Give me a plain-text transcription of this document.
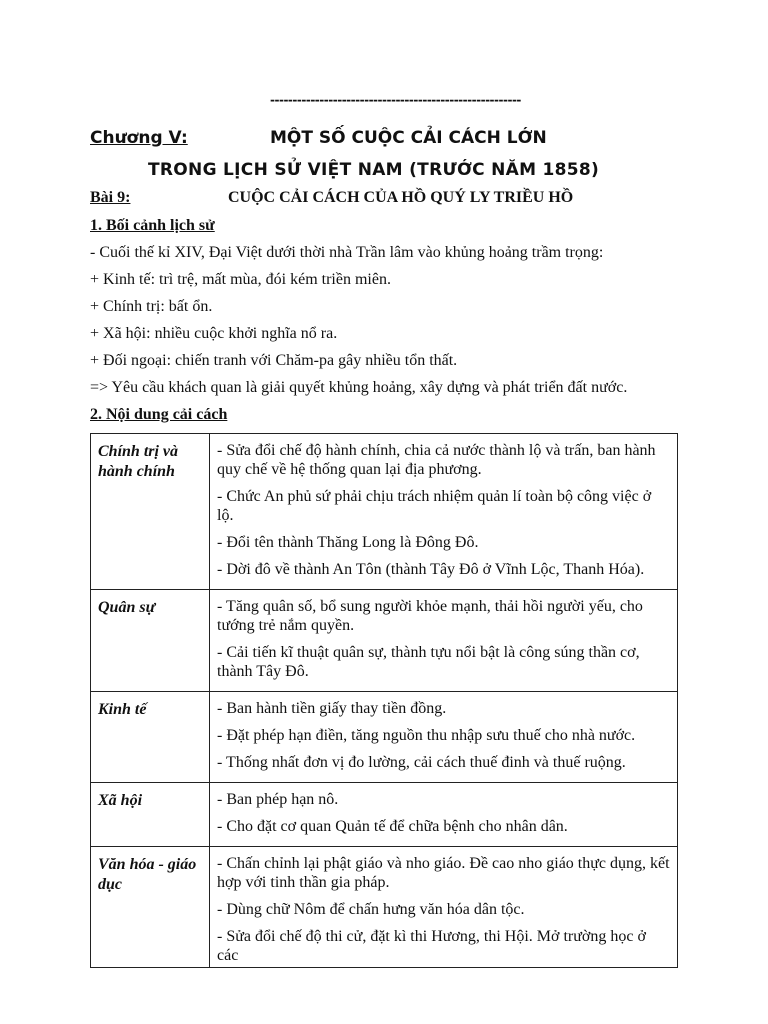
--------------------------------------------------------
Chương V:	MỘT SỐ CUỘC CẢI CÁCH LỚN
TRONG LỊCH SỬ VIỆT NAM (TRƯỚC NĂM 1858)
Bài 9:	CUỘC CẢI CÁCH CỦA HỒ QUÝ LY TRIỀU HỒ
1. Bối cảnh lịch sử
- Cuối thế kỉ XIV, Đại Việt dưới thời nhà Trần lâm vào khủng hoảng trầm trọng:
+ Kinh tế: trì trệ, mất mùa, đói kém triền miên.
+ Chính trị: bất ổn.
+ Xã hội: nhiều cuộc khởi nghĩa nổ ra.
+ Đối ngoại: chiến tranh với Chăm-pa gây nhiều tổn thất.
=> Yêu cầu khách quan là giải quyết khủng hoảng, xây dựng và phát triển đất nước.
2. Nội dung cải cách
Chính trị và hành chính	- Sửa đổi chế độ hành chính, chia cả nước thành lộ và trấn, ban hành quy chế về hệ thống quan lại địa phương.

- Chức An phủ sứ phải chịu trách nhiệm quản lí toàn bộ công việc ở lộ.

- Đổi tên thành Thăng Long là Đông Đô.

- Dời đô về thành An Tôn (thành Tây Đô ở Vĩnh Lộc, Thanh Hóa).

Quân sự	- Tăng quân số, bổ sung người khỏe mạnh, thải hồi người yếu, cho tướng trẻ nắm quyền.

- Cải tiến kĩ thuật quân sự, thành tựu nổi bật là công súng thần cơ, thành Tây Đô.

Kinh tế	- Ban hành tiền giấy thay tiền đồng.

- Đặt phép hạn điền, tăng nguồn thu nhập sưu thuế cho nhà nước.

- Thống nhất đơn vị đo lường, cải cách thuế đinh và thuế ruộng.

Xã hội	- Ban phép hạn nô.

- Cho đặt cơ quan Quản tế để chữa bệnh cho nhân dân.

Văn hóa - giáo dục	- Chấn chỉnh lại phật giáo và nho giáo. Đề cao nho giáo thực dụng, kết hợp với tinh thần gia pháp.

- Dùng chữ Nôm để chấn hưng văn hóa dân tộc.

- Sửa đổi chế độ thi cử, đặt kì thi Hương, thi Hội. Mở trường học ở các
